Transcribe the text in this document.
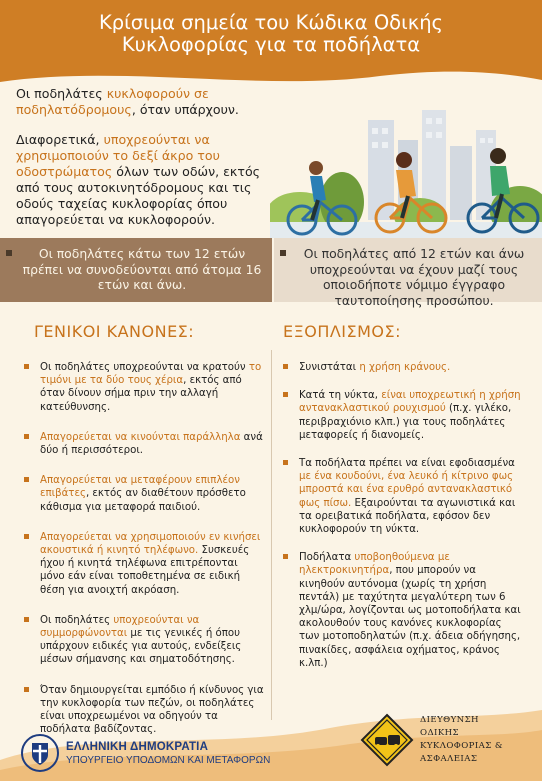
Κρίσιμα σημεία του Κώδικα Οδικής Κυκλοφορίας για τα ποδήλατα

Οι ποδηλάτες κυκλοφορούν σε ποδηλατόδρομους, όταν υπάρχουν.

Διαφορετικά, υποχρεούνται να χρησιμοποιούν το δεξί άκρο του οδοστρώματος όλων των οδών, εκτός από τους αυτοκινητόδρομους και τις οδούς ταχείας κυκλοφορίας όπου απαγορεύεται να κυκλοφορούν.

Οι ποδηλάτες κάτω των 12 ετών πρέπει να συνοδεύονται από άτομα 16 ετών και άνω.
Οι ποδηλάτες από 12 ετών και άνω υποχρεούνται να έχουν μαζί τους οποιοδήποτε νόμιμο έγγραφο ταυτοποίησης προσώπου.
ΓΕΝΙΚΟΙ ΚΑΝΟΝΕΣ:
Οι ποδηλάτες υποχρεούνται να κρατούν το τιμόνι με τα δύο τους χέρια, εκτός από όταν δίνουν σήμα πριν την αλλαγή κατεύθυνσης.
Απαγορεύεται να κινούνται παράλληλα ανά δύο ή περισσότεροι.
Απαγορεύεται να μεταφέρουν επιπλέον επιβάτες, εκτός αν διαθέτουν πρόσθετο κάθισμα για μεταφορά παιδιού.
Απαγορεύεται να χρησιμοποιούν εν κινήσει ακουστικά ή κινητό τηλέφωνο. Συσκευές ήχου ή κινητά τηλέφωνα επιτρέπονται μόνο εάν είναι τοποθετημένα σε ειδική θέση για ανοιχτή ακρόαση.
Οι ποδηλάτες υποχρεούνται να συμμορφώνονται με τις γενικές ή όπου υπάρχουν ειδικές για αυτούς, ενδείξεις μέσων σήμανσης και σηματοδότησης.
Όταν δημιουργείται εμπόδιο ή κίνδυνος για την κυκλοφορία των πεζών, οι ποδηλάτες είναι υποχρεωμένοι να οδηγούν τα ποδήλατα βαδίζοντας.
ΕΞΟΠΛΙΣΜΟΣ:
Συνιστάται η χρήση κράνους.
Κατά τη νύκτα, είναι υποχρεωτική η χρήση αντανακλαστικού ρουχισμού (π.χ. γιλέκο, περιβραχιόνιο κλπ.) για τους ποδηλάτες μεταφορείς ή διανομείς.
Τα ποδήλατα πρέπει να είναι εφοδιασμένα με ένα κουδούνι, ένα λευκό ή κίτρινο φως μπροστά και ένα ερυθρό αντανακλαστικό φως πίσω. Εξαιρούνται τα αγωνιστικά και τα ορειβατικά ποδήλατα, εφόσον δεν κυκλοφορούν τη νύκτα.
Ποδήλατα υποβοηθούμενα με ηλεκτροκινητήρα, που μπορούν να κινηθούν αυτόνομα (χωρίς τη χρήση πεντάλ) με ταχύτητα μεγαλύτερη των 6 χλμ/ώρα, λογίζονται ως μοτοποδήλατα και ακολουθούν τους κανόνες κυκλοφορίας των μοτοποδηλατών (π.χ. άδεια οδήγησης, πινακίδες, ασφάλεια οχήματος, κράνος κ.λπ.)
ΕΛΛΗΝΙΚΗ ΔΗΜΟΚΡΑΤΙΑ
ΥΠΟΥΡΓΕΙΟ ΥΠΟΔΟΜΩΝ ΚΑΙ ΜΕΤΑΦΟΡΩΝ
ΔΙΕΥΘΥΝΣΗ
ΟΔΙΚΗΣ
ΚΥΚΛΟΦΟΡΙΑΣ &
ΑΣΦΑΛΕΙΑΣ
